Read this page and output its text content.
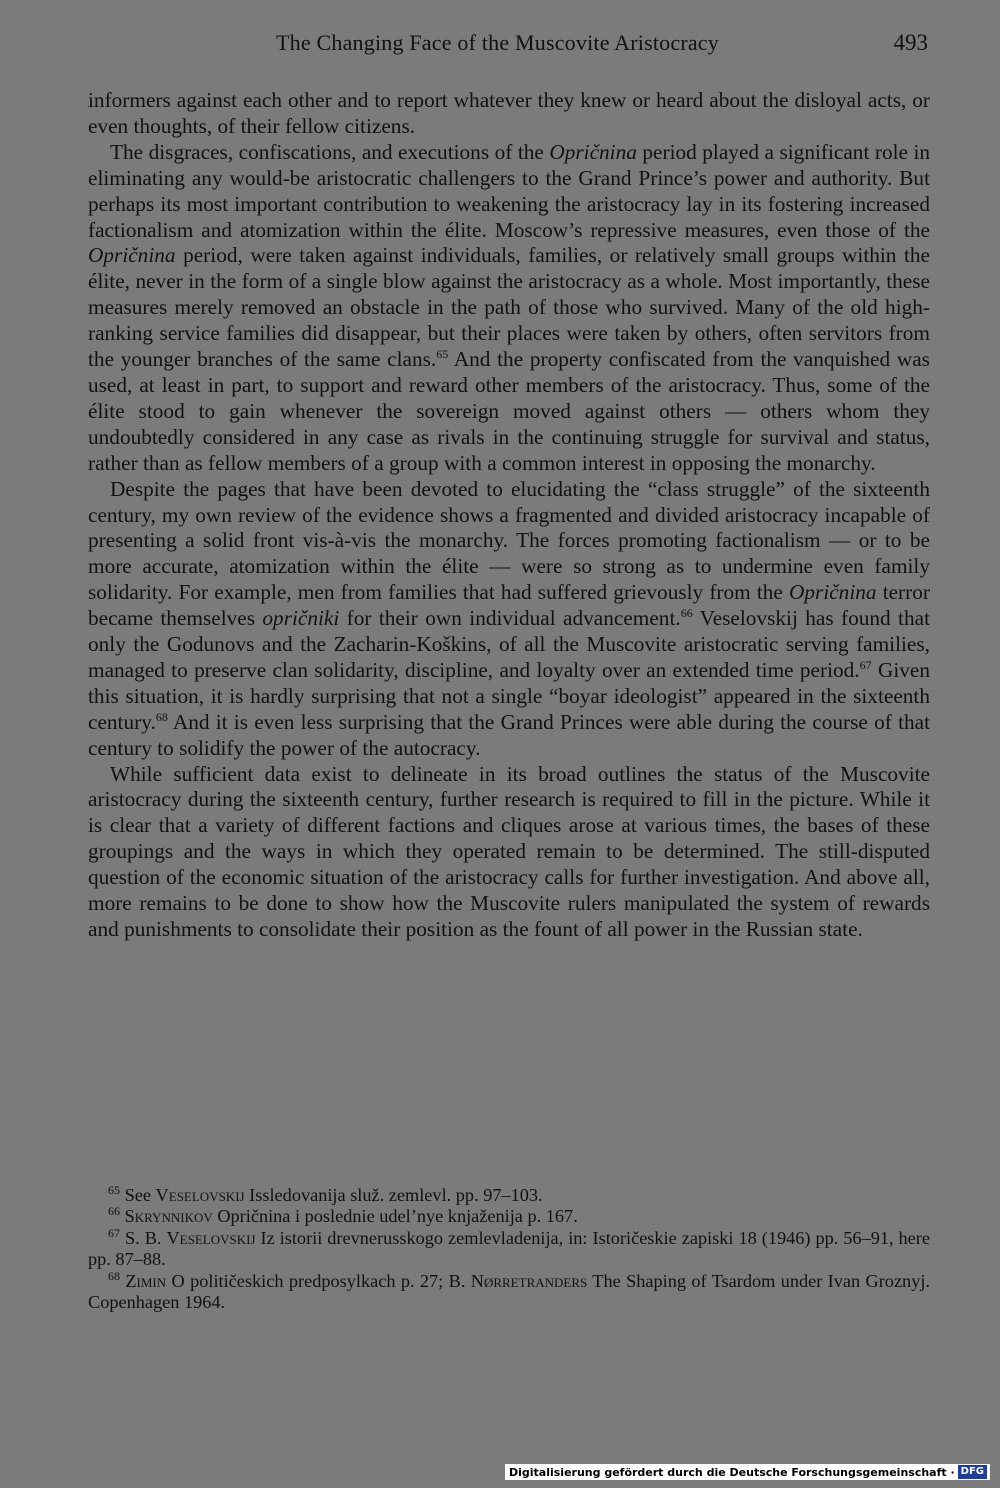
The Changing Face of the Muscovite Aristocracy	493

informers against each other and to report whatever they knew or heard about the disloyal acts, or even thoughts, of their fellow citizens.

The disgraces, confiscations, and executions of the Opričnina period played a significant role in eliminating any would-be aristocratic challengers to the Grand Prince’s power and authority. But perhaps its most important contribution to weakening the aristocracy lay in its fostering increased factionalism and atomization within the élite. Moscow’s repressive measures, even those of the Opričnina period, were taken against individuals, families, or relatively small groups within the élite, never in the form of a single blow against the aristocracy as a whole. Most importantly, these measures merely removed an obstacle in the path of those who survived. Many of the old high-ranking service families did disappear, but their places were taken by others, often servitors from the younger branches of the same clans.$^{65}$ And the property confiscated from the vanquished was used, at least in part, to support and reward other members of the aristocracy. Thus, some of the élite stood to gain whenever the sovereign moved against others — others whom they undoubtedly considered in any case as rivals in the continuing struggle for survival and status, rather than as fellow members of a group with a common interest in opposing the monarchy.

Despite the pages that have been devoted to elucidating the “class struggle” of the sixteenth century, my own review of the evidence shows a fragmented and divided aristocracy incapable of presenting a solid front vis-à-vis the monarchy. The forces promoting factionalism — or to be more accurate, atomization within the élite — were so strong as to undermine even family solidarity. For example, men from families that had suffered grievously from the Opričnina terror became themselves opričniki for their own individual advancement.$^{66}$ Veselovskij has found that only the Godunovs and the Zacharin-Koškins, of all the Muscovite aristocratic serving families, managed to preserve clan solidarity, discipline, and loyalty over an extended time period.$^{67}$ Given this situation, it is hardly surprising that not a single “boyar ideologist” appeared in the sixteenth century.$^{68}$ And it is even less surprising that the Grand Princes were able during the course of that century to solidify the power of the autocracy.

While sufficient data exist to delineate in its broad outlines the status of the Muscovite aristocracy during the sixteenth century, further research is required to fill in the picture. While it is clear that a variety of different factions and cliques arose at various times, the bases of these groupings and the ways in which they operated remain to be determined. The still-disputed question of the economic situation of the aristocracy calls for further investigation. And above all, more remains to be done to show how the Muscovite rulers manipulated the system of rewards and punishments to consolidate their position as the fount of all power in the Russian state.

$^{65}$ See Veselovskij Issledovanija služ. zemlevl. pp. 97–103.

$^{66}$ Skrynnikov Opričnina i poslednie udel’nye knjaženija p. 167.

$^{67}$ S. B. Veselovskij Iz istorii drevnerusskogo zemlevladenija, in: Istoričeskie zapiski 18 (1946) pp. 56–91, here pp. 87–88.

$^{68}$ Zimin O političeskich predposylkach p. 27; B. Nørretranders The Shaping of Tsardom under Ivan Groznyj. Copenhagen 1964.

Digitalisierung gefördert durch die Deutsche Forschungsgemeinschaft · DFG
